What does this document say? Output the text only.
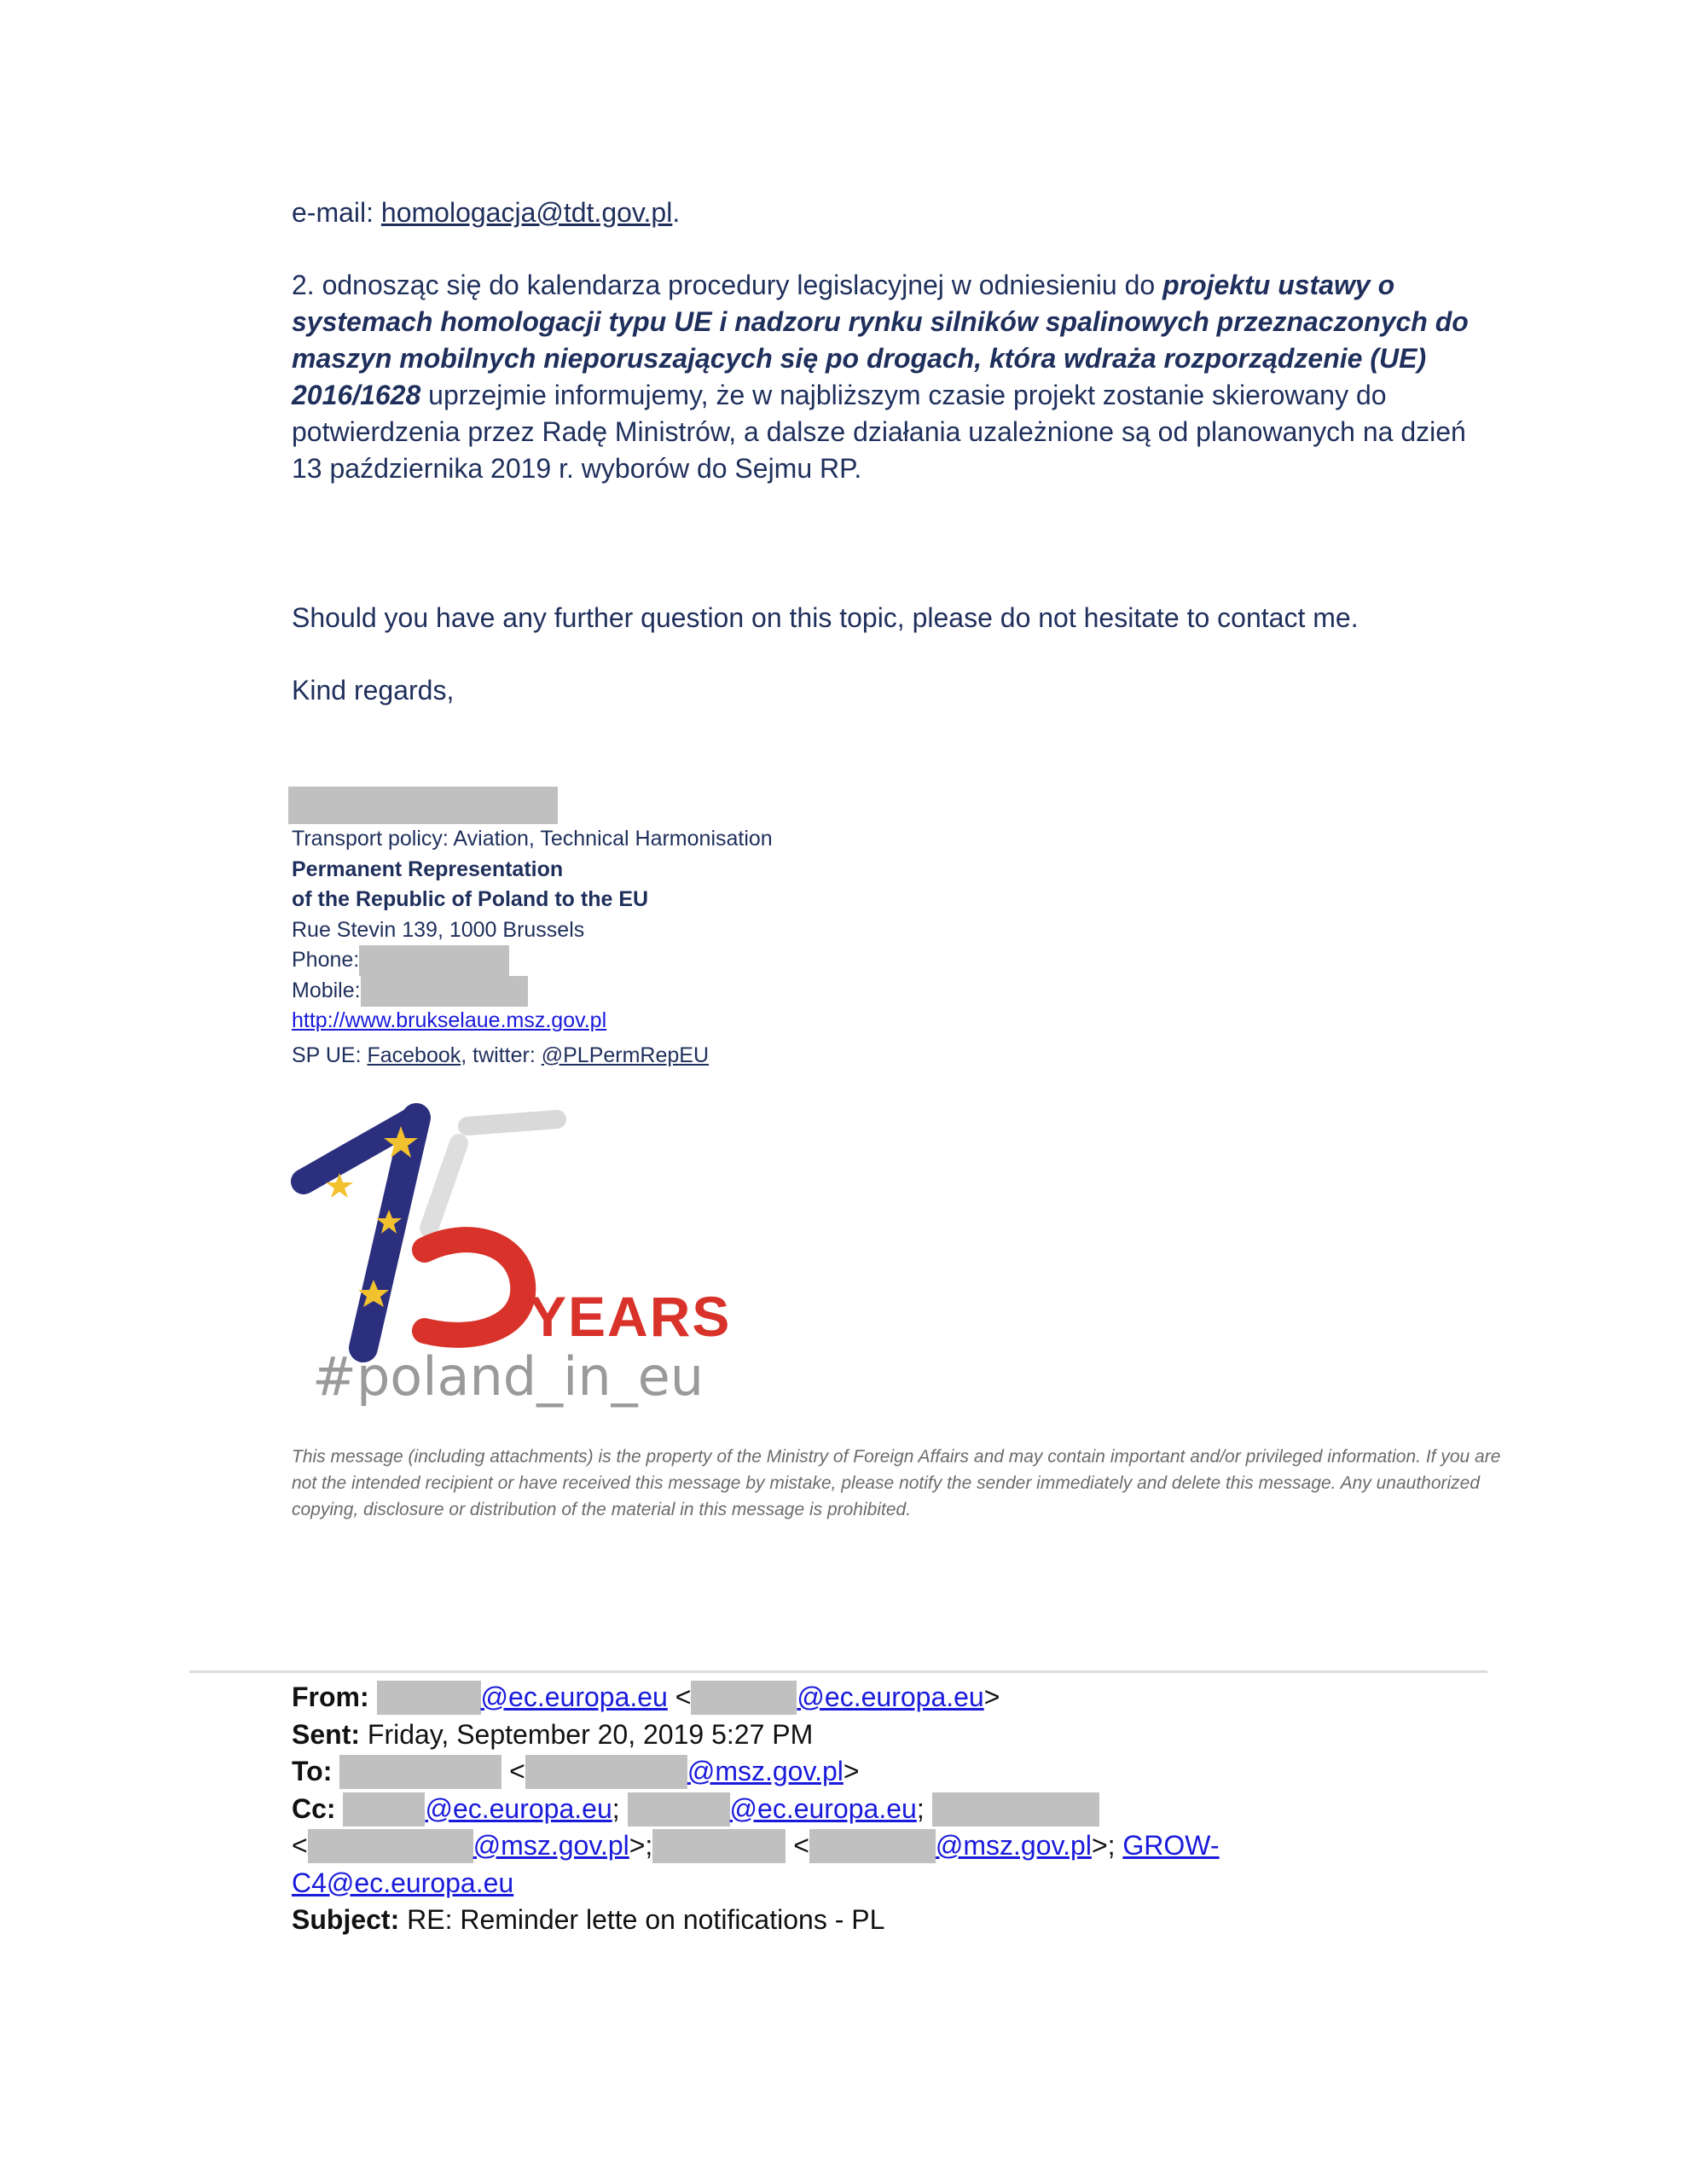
e-mail: homologacja@tdt.gov.pl.
2. odnosząc się do kalendarza procedury legislacyjnej w odniesieniu do projektu ustawy o systemach homologacji typu UE i nadzoru rynku silników spalinowych przeznaczonych do maszyn mobilnych nieporuszających się po drogach, która wdraża rozporządzenie (UE) 2016/1628 uprzejmie informujemy, że w najbliższym czasie projekt zostanie skierowany do potwierdzenia przez Radę Ministrów, a dalsze działania uzależnione są od planowanych na dzień 13 października 2019 r. wyborów do Sejmu RP.
Should you have any further question on this topic, please do not hesitate to contact me.
Kind regards,
Transport policy: Aviation, Technical Harmonisation
Permanent Representation
of the Republic of Poland to the EU
Rue Stevin 139, 1000 Brussels
Phone:
Mobile:
http://www.brukselaue.msz.gov.pl
SP UE: Facebook, twitter: @PLPermRepEU
YEARS
#poland_in_eu
This message (including attachments) is the property of the Ministry of Foreign Affairs and may contain important and/or privileged information. If you are not the intended recipient or have received this message by mistake, please notify the sender immediately and delete this message. Any unauthorized copying, disclosure or distribution of the material in this message is prohibited.
From:	@ec.europa.eu <	@ec.europa.eu>
Sent: Friday, September 20, 2019 5:27 PM
To:	<	@msz.gov.pl>
Cc:	@ec.europa.eu;	@ec.europa.eu;
<	@msz.gov.pl>;	<	@msz.gov.pl>; GROW-
C4@ec.europa.eu
Subject: RE: Reminder lette on notifications - PL
